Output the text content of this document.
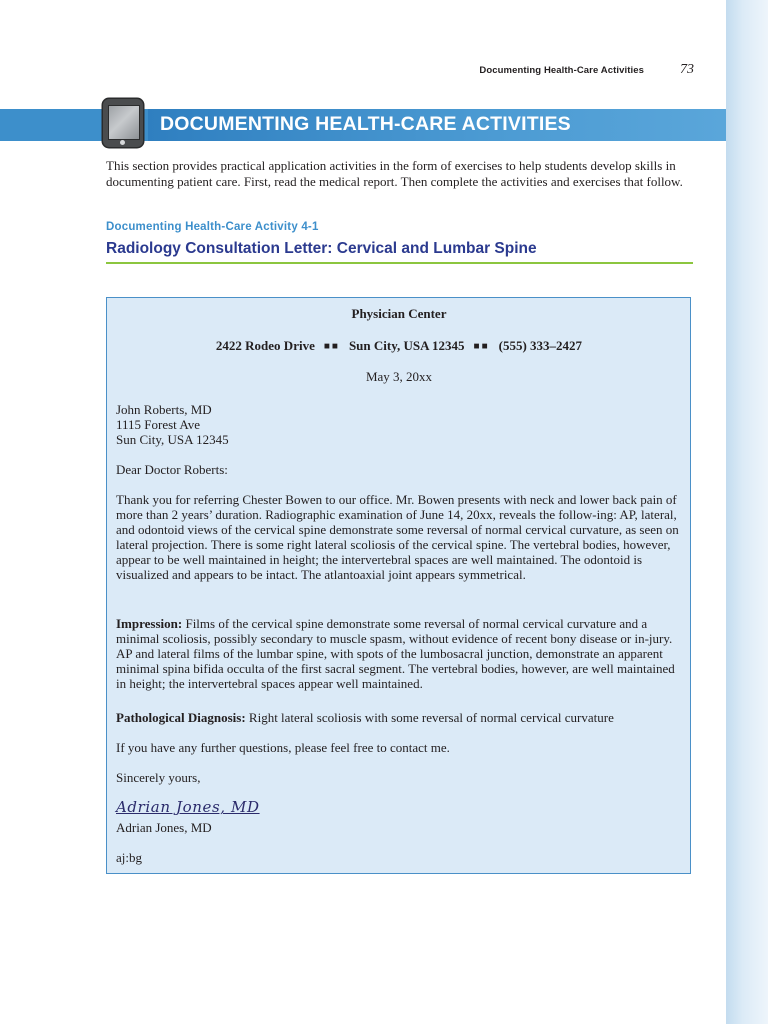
Documenting Health-Care Activities	73
DOCUMENTING HEALTH-CARE ACTIVITIES

This section provides practical application activities in the form of exercises to help students develop skills in documenting patient care. First, read the medical report. Then complete the activities and exercises that follow.

Documenting Health-Care Activity 4-1
Radiology Consultation Letter: Cervical and Lumbar Spine
Physician Center
2422 Rodeo Drive ■■ Sun City, USA 12345 ■■ (555) 333–2427
May 3, 20xx
John Roberts, MD
1115 Forest Ave
Sun City, USA 12345
Dear Doctor Roberts:

Thank you for referring Chester Bowen to our office. Mr. Bowen presents with neck and lower back pain of more than 2 years’ duration. Radiographic examination of June 14, 20xx, reveals the follow-ing: AP, lateral, and odontoid views of the cervical spine demonstrate some reversal of normal cervical curvature, as seen on lateral projection. There is some right lateral scoliosis of the cervical spine. The vertebral bodies, however, appear to be well maintained in height; the intervertebral spaces are well maintained. The odontoid is visualized and appears to be intact. The atlantoaxial joint appears symmetrical.

Impression: Films of the cervical spine demonstrate some reversal of normal cervical curvature and a minimal scoliosis, possibly secondary to muscle spasm, without evidence of recent bony disease or in-jury. AP and lateral films of the lumbar spine, with spots of the lumbosacral junction, demonstrate an apparent minimal spina bifida occulta of the first sacral segment. The vertebral bodies, however, are well maintained in height; the intervertebral spaces appear well maintained.

Pathological Diagnosis: Right lateral scoliosis with some reversal of normal cervical curvature

If you have any further questions, please feel free to contact me.
Sincerely yours,
Adrian Jones, MD
Adrian Jones, MD
aj:bg
